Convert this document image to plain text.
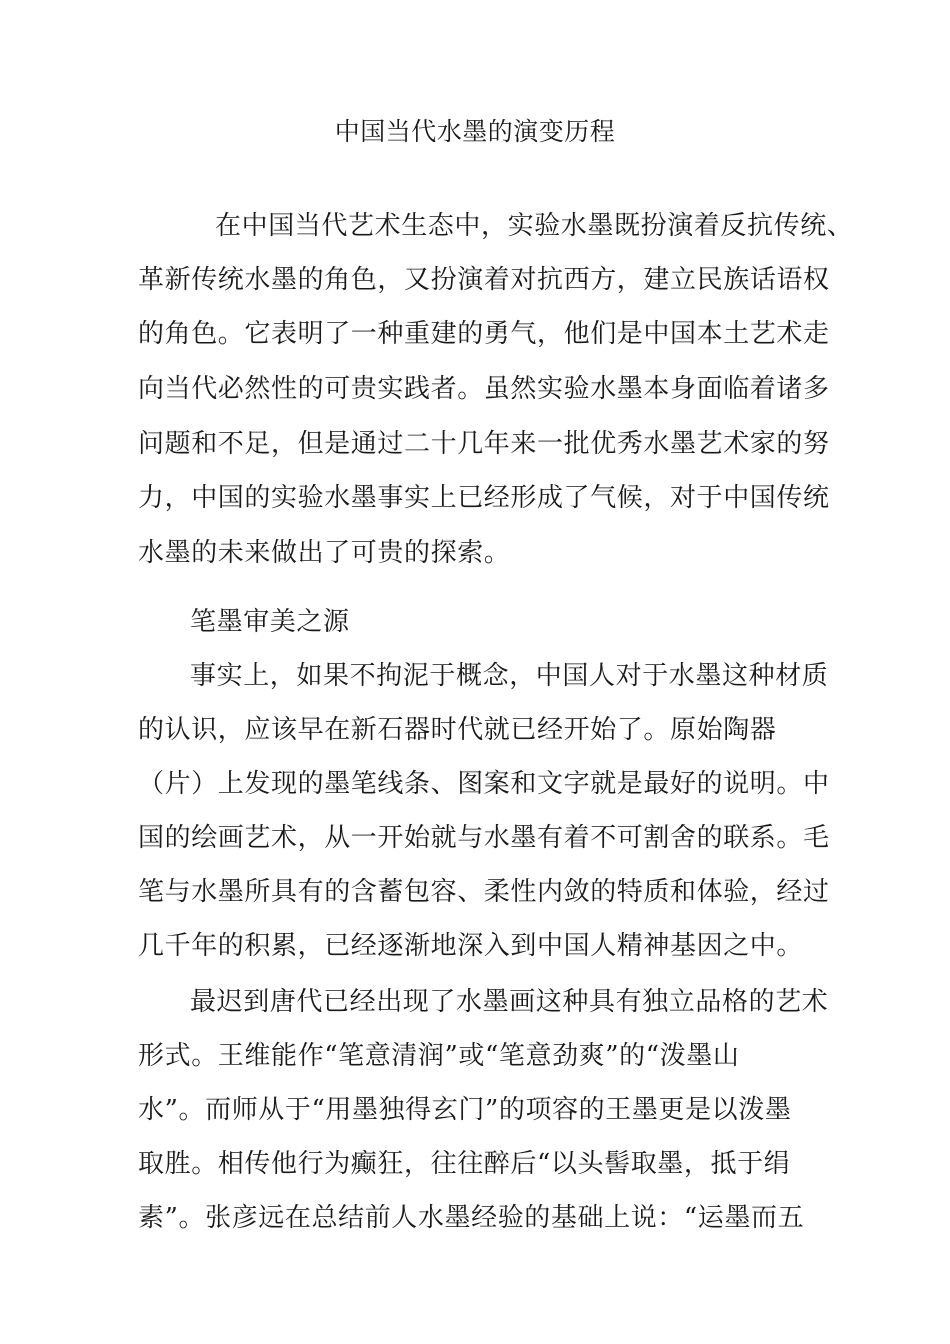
中国当代水墨的演变历程
在中国当代艺术生态中，实验水墨既扮演着反抗传统、
革新传统水墨的角色，又扮演着对抗西方，建立民族话语权
的角色。它表明了一种重建的勇气，他们是中国本土艺术走
向当代必然性的可贵实践者。虽然实验水墨本身面临着诸多
问题和不足，但是通过二十几年来一批优秀水墨艺术家的努
力，中国的实验水墨事实上已经形成了气候，对于中国传统
水墨的未来做出了可贵的探索。
笔墨审美之源
事实上，如果不拘泥于概念，中国人对于水墨这种材质
的认识，应该早在新石器时代就已经开始了。原始陶器
（片）上发现的墨笔线条、图案和文字就是最好的说明。中
国的绘画艺术，从一开始就与水墨有着不可割舍的联系。毛
笔与水墨所具有的含蓄包容、柔性内敛的特质和体验，经过
几千年的积累，已经逐渐地深入到中国人精神基因之中。
最迟到唐代已经出现了水墨画这种具有独立品格的艺术
形式。王维能作“笔意清润”或“笔意劲爽”的“泼墨山
水”。而师从于“用墨独得玄门”的项容的王墨更是以泼墨
取胜。相传他行为癫狂，往往醉后“以头髻取墨，抵于绢
素”。张彦远在总结前人水墨经验的基础上说：“运墨而五
